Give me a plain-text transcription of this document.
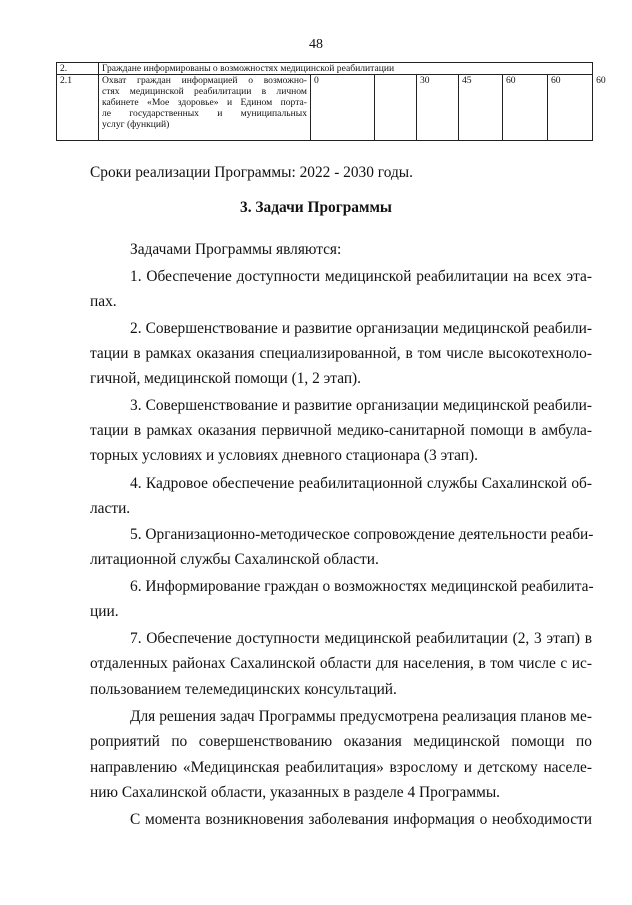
48
2.	Граждане информированы о возможностях медицинской реабилитации							
2.1	Охват граждан информацией о возможно-
стях медицинской реабилитации в личном
кабинете «Мое здоровье» и Едином порта-
ле государственных и муниципальных
услуг (функций)	0		30	45	60	60	60
Сроки реализации Программы: 2022 - 2030 годы.
3. Задачи Программы
Задачами Программы являются:
1. Обеспечение доступности медицинской реабилитации на всех эта-
пах.
2. Совершенствование и развитие организации медицинской реабили-
тации в рамках оказания специализированной, в том числе высокотехноло-
гичной, медицинской помощи (1, 2 этап).
3. Совершенствование и развитие организации медицинской реабили-
тации в рамках оказания первичной медико-санитарной помощи в амбула-
торных условиях и условиях дневного стационара (3 этап).
4. Кадровое обеспечение реабилитационной службы Сахалинской об-
ласти.
5. Организационно-методическое сопровождение деятельности реаби-
литационной службы Сахалинской области.
6. Информирование граждан о возможностях медицинской реабилита-
ции.
7. Обеспечение доступности медицинской реабилитации (2, 3 этап) в
отдаленных районах Сахалинской области для населения, в том числе с ис-
пользованием телемедицинских консультаций.
Для решения задач Программы предусмотрена реализация планов ме-
роприятий по совершенствованию оказания медицинской помощи по
направлению «Медицинская реабилитация» взрослому и детскому населе-
нию Сахалинской области, указанных в разделе 4 Программы.
С момента возникновения заболевания информация о необходимости
